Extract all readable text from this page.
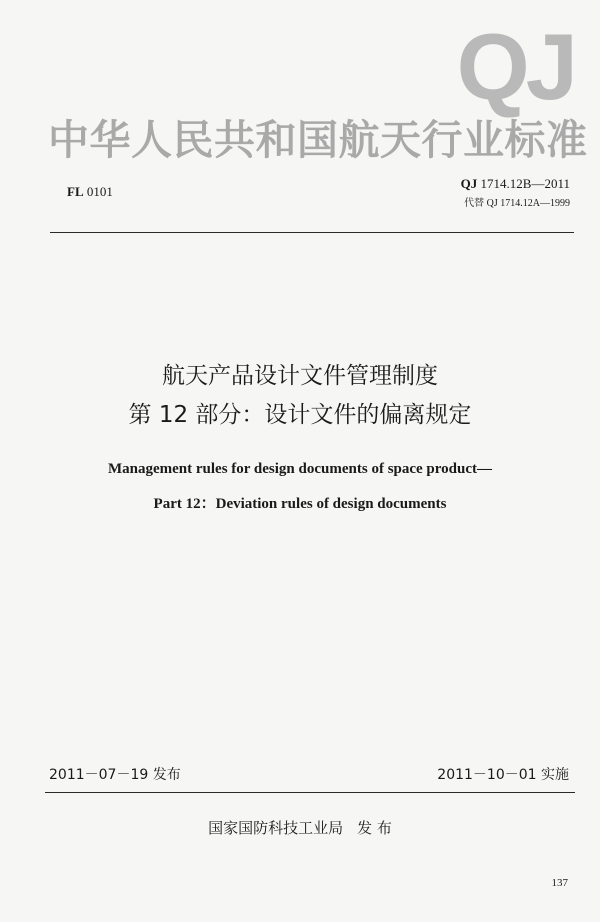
QJ
中华人民共和国航天行业标准
FL 0101
QJ 1714.12B—2011
代替 QJ 1714.12A—1999
航天产品设计文件管理制度
第 12 部分：设计文件的偏离规定
Management rules for design documents of space product—
Part 12：Deviation rules of design documents
2011－07－19 发布	2011－10－01 实施
国家国防科技工业局 发 布
137
